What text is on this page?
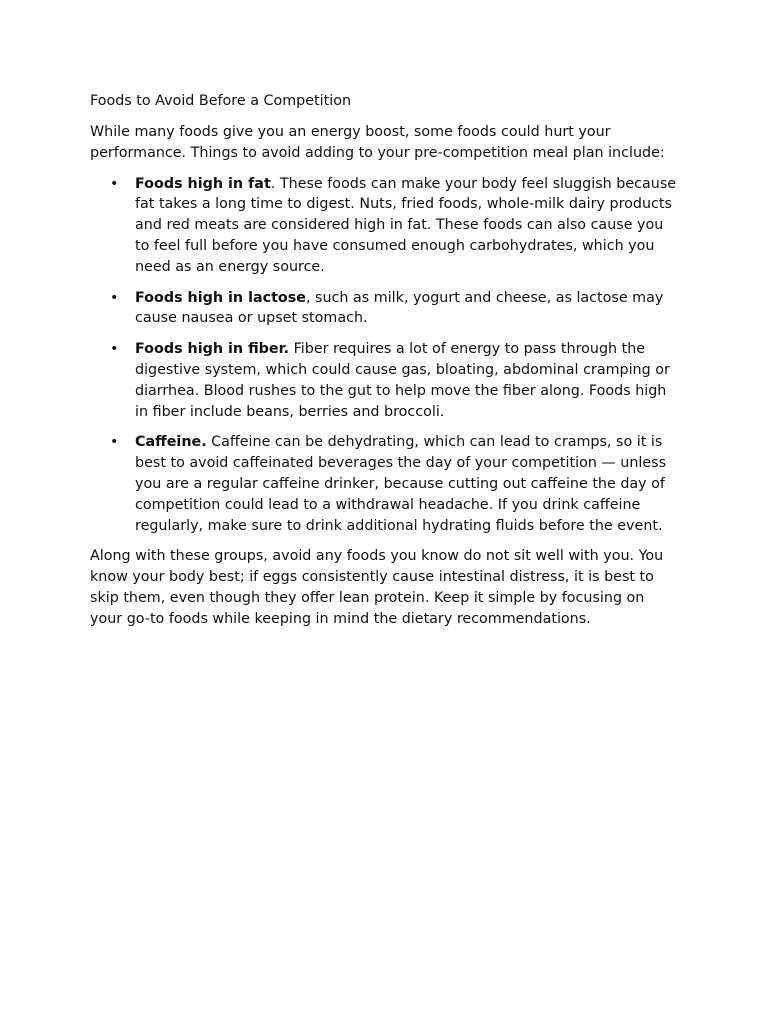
Foods to Avoid Before a Competition

While many foods give you an energy boost, some foods could hurt your performance. Things to avoid adding to your pre-competition meal plan include:

• Foods high in fat. These foods can make your body feel sluggish because fat takes a long time to digest. Nuts, fried foods, whole-milk dairy products and red meats are considered high in fat. These foods can also cause you to feel full before you have consumed enough carbohydrates, which you need as an energy source.
• Foods high in lactose, such as milk, yogurt and cheese, as lactose may cause nausea or upset stomach.
• Foods high in fiber. Fiber requires a lot of energy to pass through the digestive system, which could cause gas, bloating, abdominal cramping or diarrhea. Blood rushes to the gut to help move the fiber along. Foods high in fiber include beans, berries and broccoli.
• Caffeine. Caffeine can be dehydrating, which can lead to cramps, so it is best to avoid caffeinated beverages the day of your competition — unless you are a regular caffeine drinker, because cutting out caffeine the day of competition could lead to a withdrawal headache. If you drink caffeine regularly, make sure to drink additional hydrating fluids before the event.

Along with these groups, avoid any foods you know do not sit well with you. You know your body best; if eggs consistently cause intestinal distress, it is best to skip them, even though they offer lean protein. Keep it simple by focusing on your go-to foods while keeping in mind the dietary recommendations.
